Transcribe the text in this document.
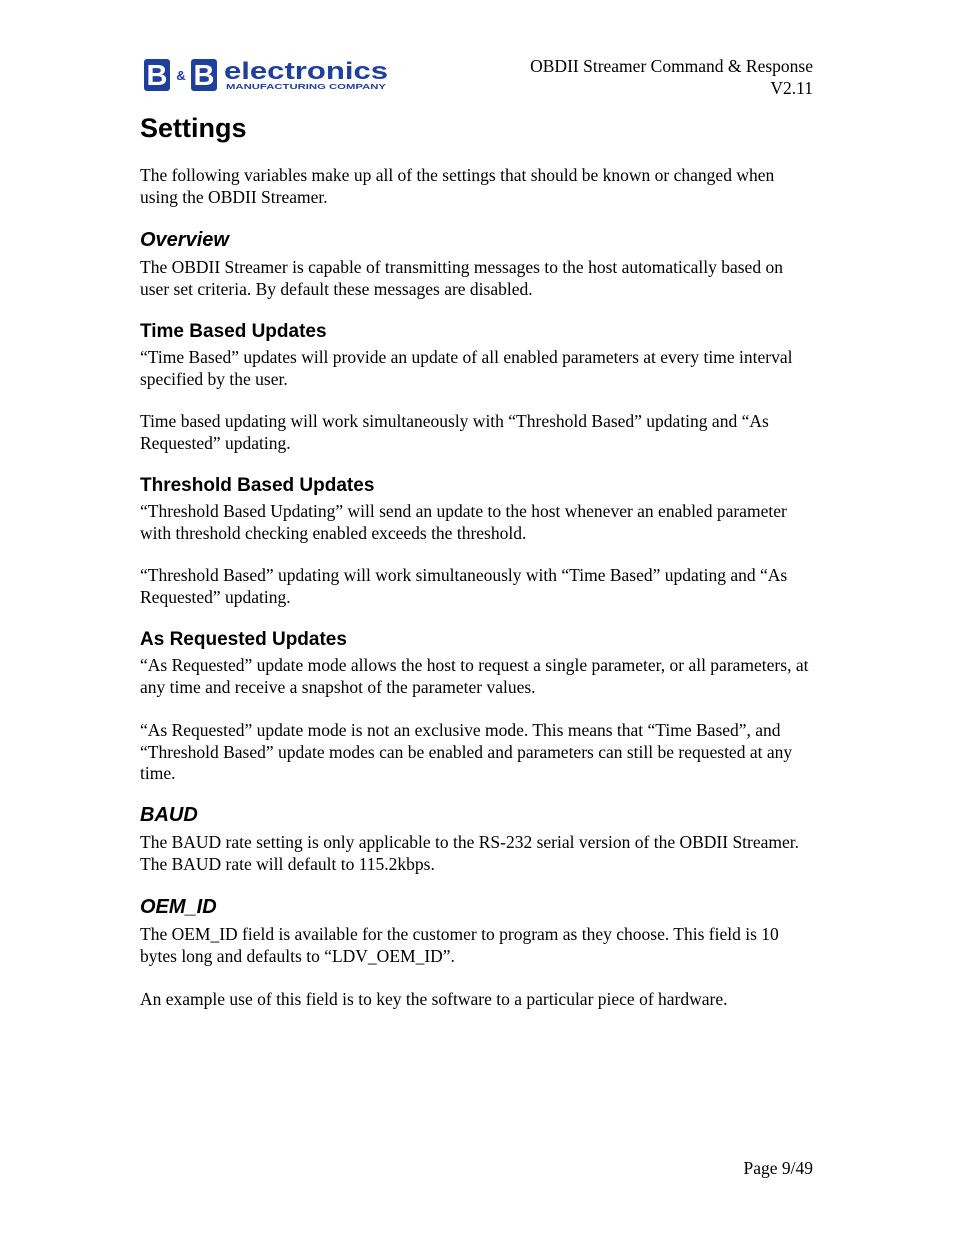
B & B electronics
MANUFACTURING COMPANY
OBDII Streamer Command & Response
V2.11
Settings

The following variables make up all of the settings that should be known or changed when using the OBDII Streamer.

Overview

The OBDII Streamer is capable of transmitting messages to the host automatically based on user set criteria. By default these messages are disabled.

Time Based Updates

“Time Based” updates will provide an update of all enabled parameters at every time interval specified by the user.

Time based updating will work simultaneously with “Threshold Based” updating and “As Requested” updating.

Threshold Based Updates

“Threshold Based Updating” will send an update to the host whenever an enabled parameter with threshold checking enabled exceeds the threshold.

“Threshold Based” updating will work simultaneously with “Time Based” updating and “As Requested” updating.

As Requested Updates

“As Requested” update mode allows the host to request a single parameter, or all parameters, at any time and receive a snapshot of the parameter values.

“As Requested” update mode is not an exclusive mode. This means that “Time Based”, and “Threshold Based” update modes can be enabled and parameters can still be requested at any time.

BAUD

The BAUD rate setting is only applicable to the RS-232 serial version of the OBDII Streamer. The BAUD rate will default to 115.2kbps.

OEM_ID

The OEM_ID field is available for the customer to program as they choose. This field is 10 bytes long and defaults to “LDV_OEM_ID”.

An example use of this field is to key the software to a particular piece of hardware.

Page 9/49
